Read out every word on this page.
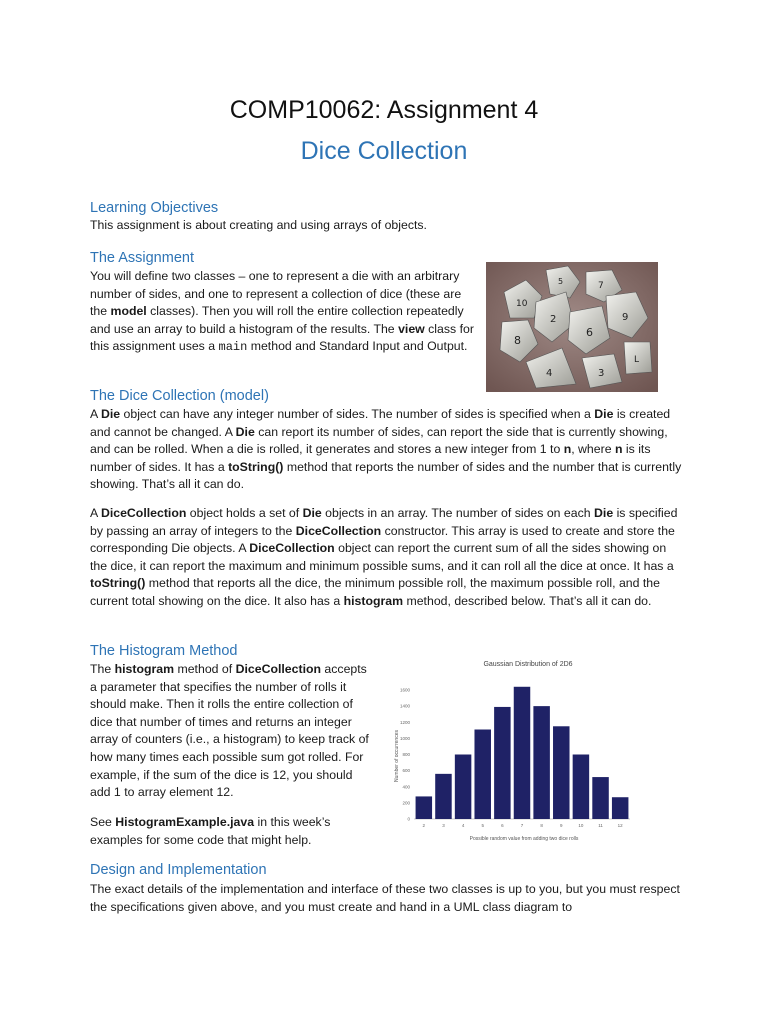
COMP10062: Assignment 4
Dice Collection
Learning Objectives

This assignment is about creating and using arrays of objects.

The Assignment

You will define two classes – one to represent a die with an arbitrary number of sides, and one to represent a collection of dice (these are the model classes). Then you will roll the entire collection repeatedly and use an array to build a histogram of the results. The view class for this assignment uses a main method and Standard Input and Output.

10
5	7
9
8
2
6
4	3
L
The Dice Collection (model)

A Die object can have any integer number of sides. The number of sides is specified when a Die is created and cannot be changed. A Die can report its number of sides, can report the side that is currently showing, and can be rolled. When a die is rolled, it generates and stores a new integer from 1 to n, where n is its number of sides. It has a toString() method that reports the number of sides and the number that is currently showing. That’s all it can do.

A DiceCollection object holds a set of Die objects in an array. The number of sides on each Die is specified by passing an array of integers to the DiceCollection constructor. This array is used to create and store the corresponding Die objects. A DiceCollection object can report the current sum of all the sides showing on the dice, it can report the maximum and minimum possible sums, and it can roll all the dice at once. It has a toString() method that reports all the dice, the minimum possible roll, the maximum possible roll, and the current total showing on the dice. It also has a histogram method, described below. That’s all it can do.

The Histogram Method

The histogram method of DiceCollection accepts a parameter that specifies the number of rolls it should make. Then it rolls the entire collection of dice that number of times and returns an integer array of counters (i.e., a histogram) to keep track of how many times each possible sum got rolled. For example, if the sum of the dice is 12, you should add 1 to array element 12.

See HistogramExample.java in this week’s examples for some code that might help.

Gaussian Distribution of 2D6
Number of occurrences
Possible random value from adding two dice rolls
0
200
400
600
800
1000
1200
1400
1600
2	3	4	5	6	7	8	9	10	11	12
Design and Implementation

The exact details of the implementation and interface of these two classes is up to you, but you must respect the specifications given above, and you must create and hand in a UML class diagram to
